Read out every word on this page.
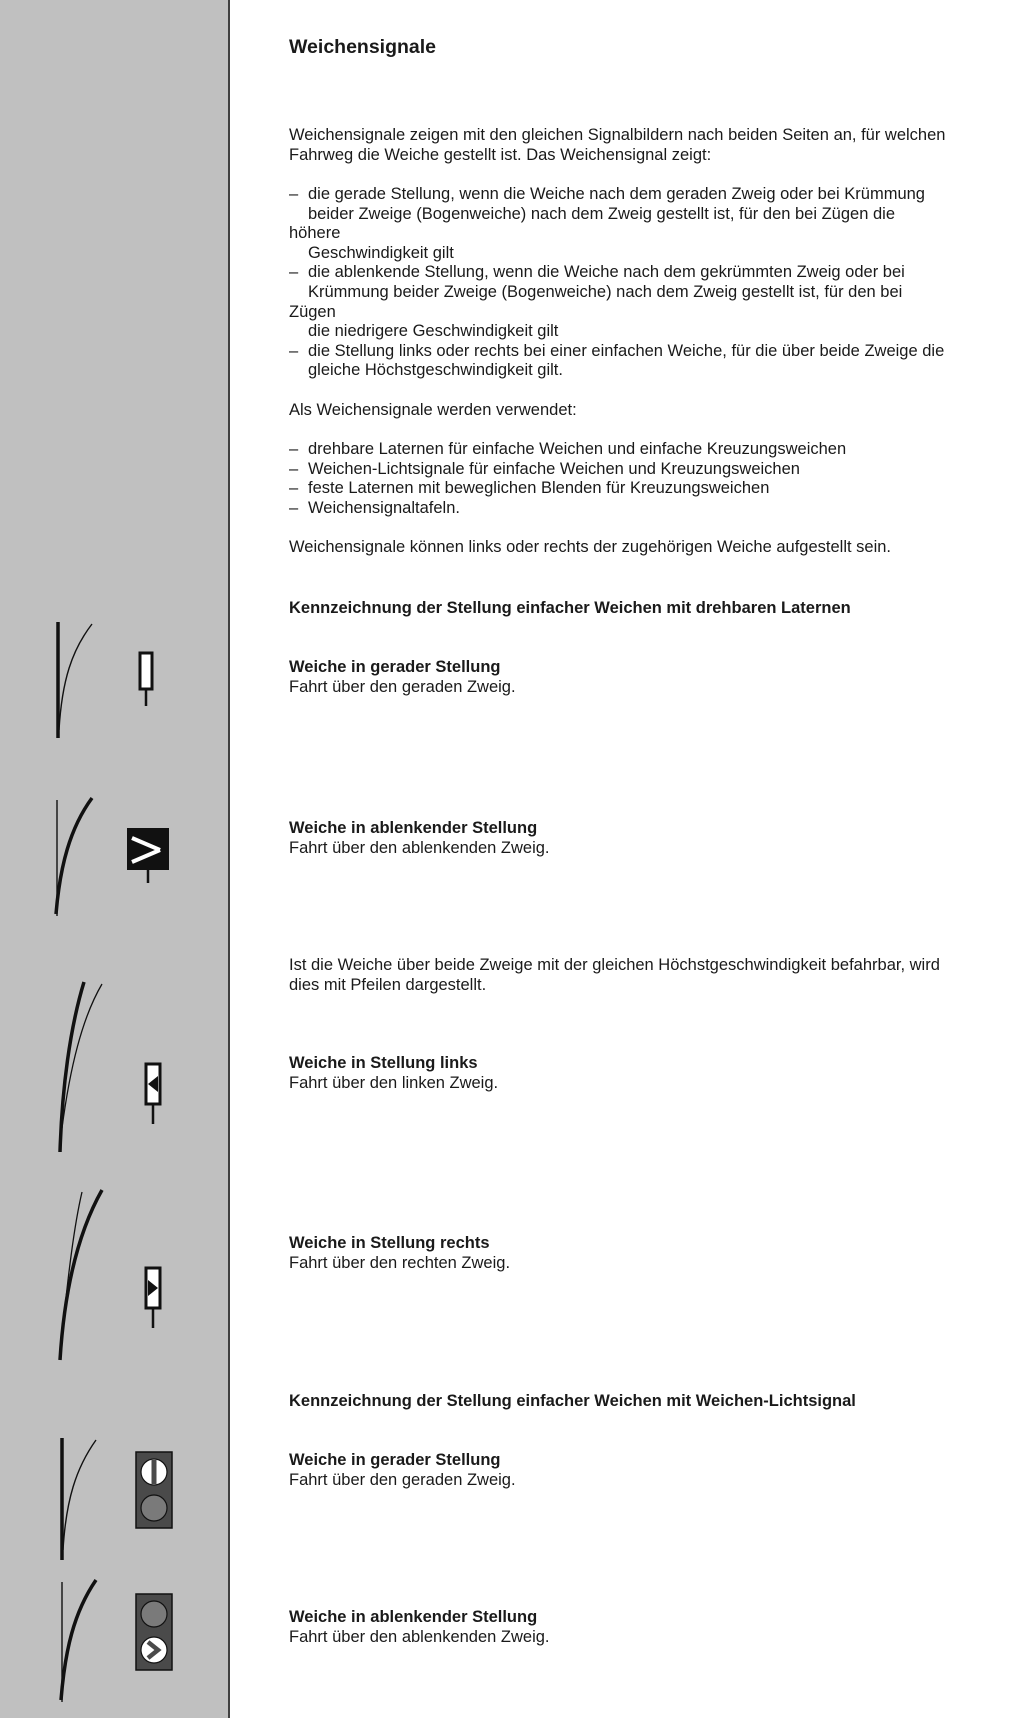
Weichensignale
Weichensignale zeigen mit den gleichen Signalbildern nach beiden Seiten an, für welchen
Fahrweg die Weiche gestellt ist. Das Weichensignal zeigt:
– die gerade Stellung, wenn die Weiche nach dem geraden Zweig oder bei Krümmung
beider Zweige (Bogenweiche) nach dem Zweig gestellt ist, für den bei Zügen die
höhere
Geschwindigkeit gilt
– die ablenkende Stellung, wenn die Weiche nach dem gekrümmten Zweig oder bei
Krümmung beider Zweige (Bogenweiche) nach dem Zweig gestellt ist, für den bei
Zügen
die niedrigere Geschwindigkeit gilt
– die Stellung links oder rechts bei einer einfachen Weiche, für die über beide Zweige die
gleiche Höchstgeschwindigkeit gilt.
Als Weichensignale werden verwendet:
– drehbare Laternen für einfache Weichen und einfache Kreuzungsweichen
– Weichen-Lichtsignale für einfache Weichen und Kreuzungsweichen
– feste Laternen mit beweglichen Blenden für Kreuzungsweichen
– Weichensignaltafeln.
Weichensignale können links oder rechts der zugehörigen Weiche aufgestellt sein.
Kennzeichnung der Stellung einfacher Weichen mit drehbaren Laternen
Weiche in gerader Stellung
Fahrt über den geraden Zweig.
Weiche in ablenkender Stellung
Fahrt über den ablenkenden Zweig.
Ist die Weiche über beide Zweige mit der gleichen Höchstgeschwindigkeit befahrbar, wird
dies mit Pfeilen dargestellt.
Weiche in Stellung links
Fahrt über den linken Zweig.
Weiche in Stellung rechts
Fahrt über den rechten Zweig.
Kennzeichnung der Stellung einfacher Weichen mit Weichen-Lichtsignal
Weiche in gerader Stellung
Fahrt über den geraden Zweig.
Weiche in ablenkender Stellung
Fahrt über den ablenkenden Zweig.
